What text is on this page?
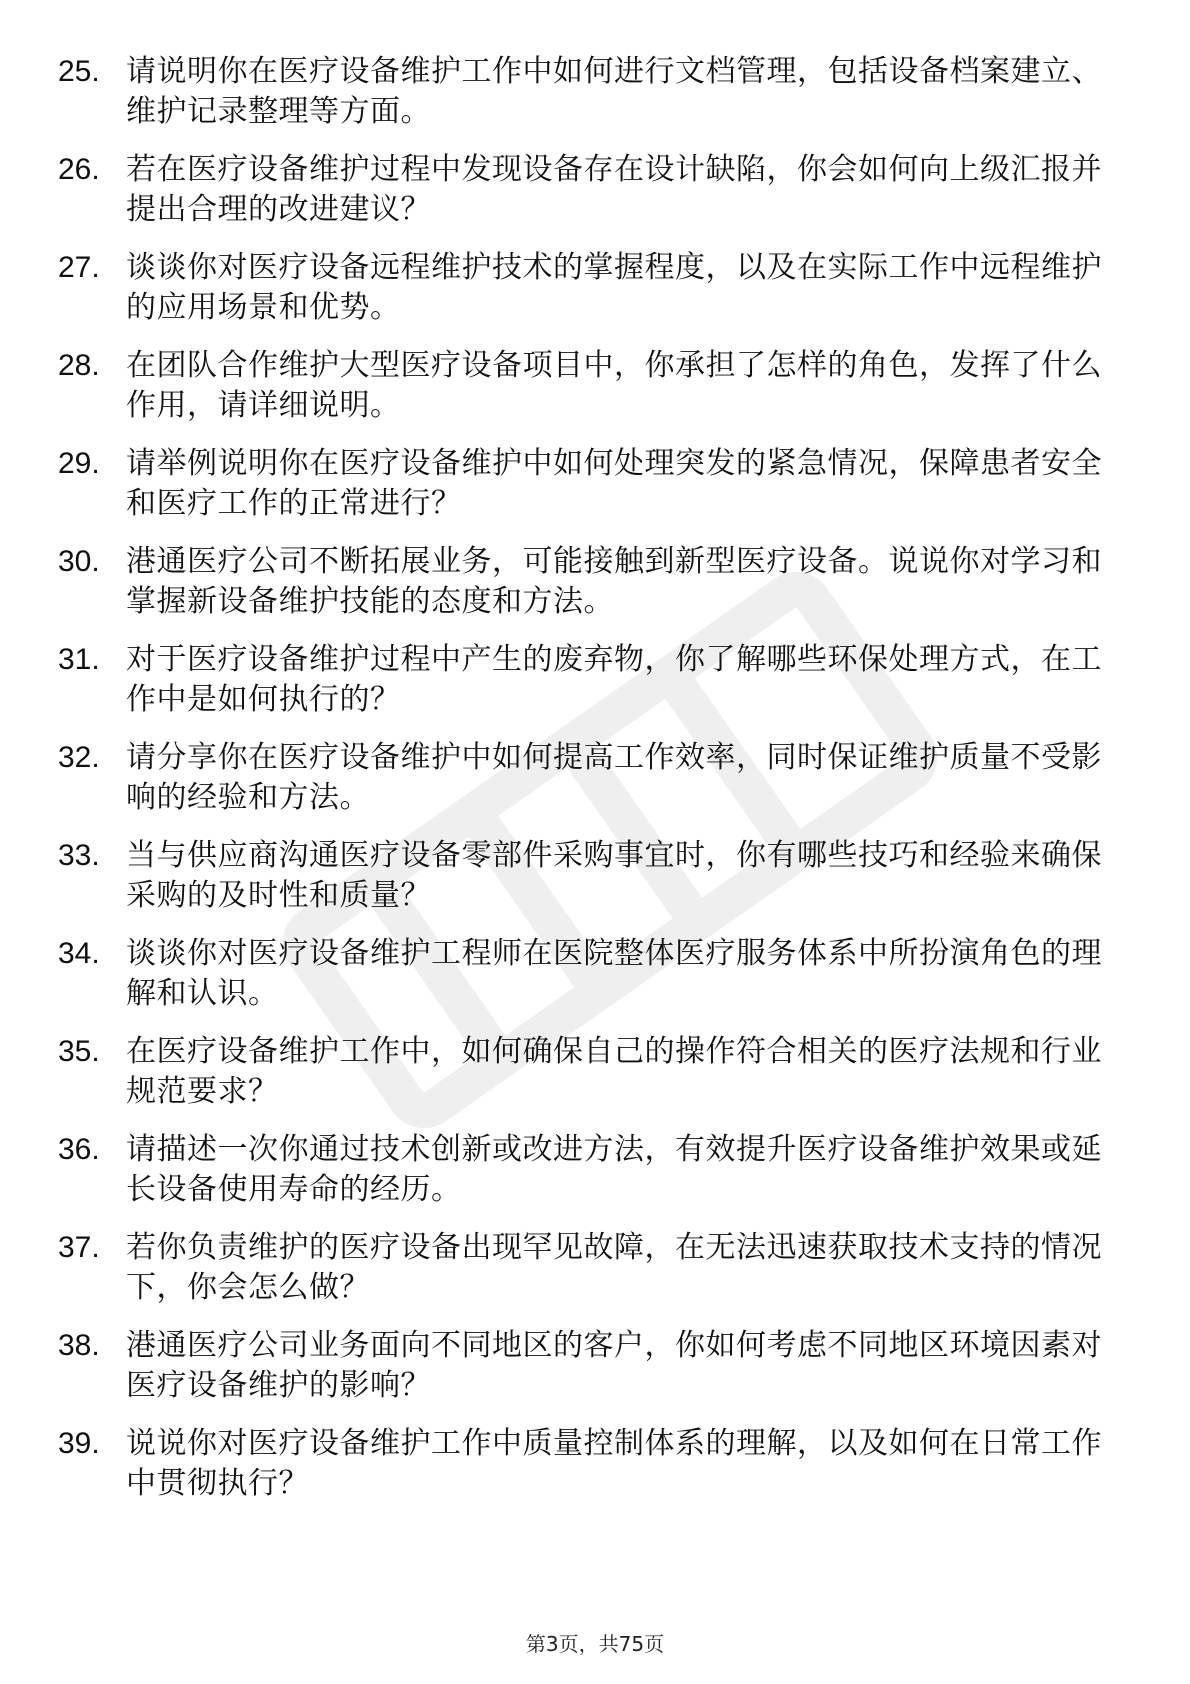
25. 请说明你在医疗设备维护工作中如何进行文档管理，包括设备档案建立、维护记录整理等方面。
26. 若在医疗设备维护过程中发现设备存在设计缺陷，你会如何向上级汇报并提出合理的改进建议？
27. 谈谈你对医疗设备远程维护技术的掌握程度，以及在实际工作中远程维护的应用场景和优势。
28. 在团队合作维护大型医疗设备项目中，你承担了怎样的角色，发挥了什么作用，请详细说明。
29. 请举例说明你在医疗设备维护中如何处理突发的紧急情况，保障患者安全和医疗工作的正常进行？
30. 港通医疗公司不断拓展业务，可能接触到新型医疗设备。说说你对学习和掌握新设备维护技能的态度和方法。
31. 对于医疗设备维护过程中产生的废弃物，你了解哪些环保处理方式，在工作中是如何执行的？
32. 请分享你在医疗设备维护中如何提高工作效率，同时保证维护质量不受影响的经验和方法。
33. 当与供应商沟通医疗设备零部件采购事宜时，你有哪些技巧和经验来确保采购的及时性和质量？
34. 谈谈你对医疗设备维护工程师在医院整体医疗服务体系中所扮演角色的理解和认识。
35. 在医疗设备维护工作中，如何确保自己的操作符合相关的医疗法规和行业规范要求？
36. 请描述一次你通过技术创新或改进方法，有效提升医疗设备维护效果或延长设备使用寿命的经历。
37. 若你负责维护的医疗设备出现罕见故障，在无法迅速获取技术支持的情况下，你会怎么做？
38. 港通医疗公司业务面向不同地区的客户，你如何考虑不同地区环境因素对医疗设备维护的影响？
39. 说说你对医疗设备维护工作中质量控制体系的理解，以及如何在日常工作中贯彻执行？
第3页，共75页
